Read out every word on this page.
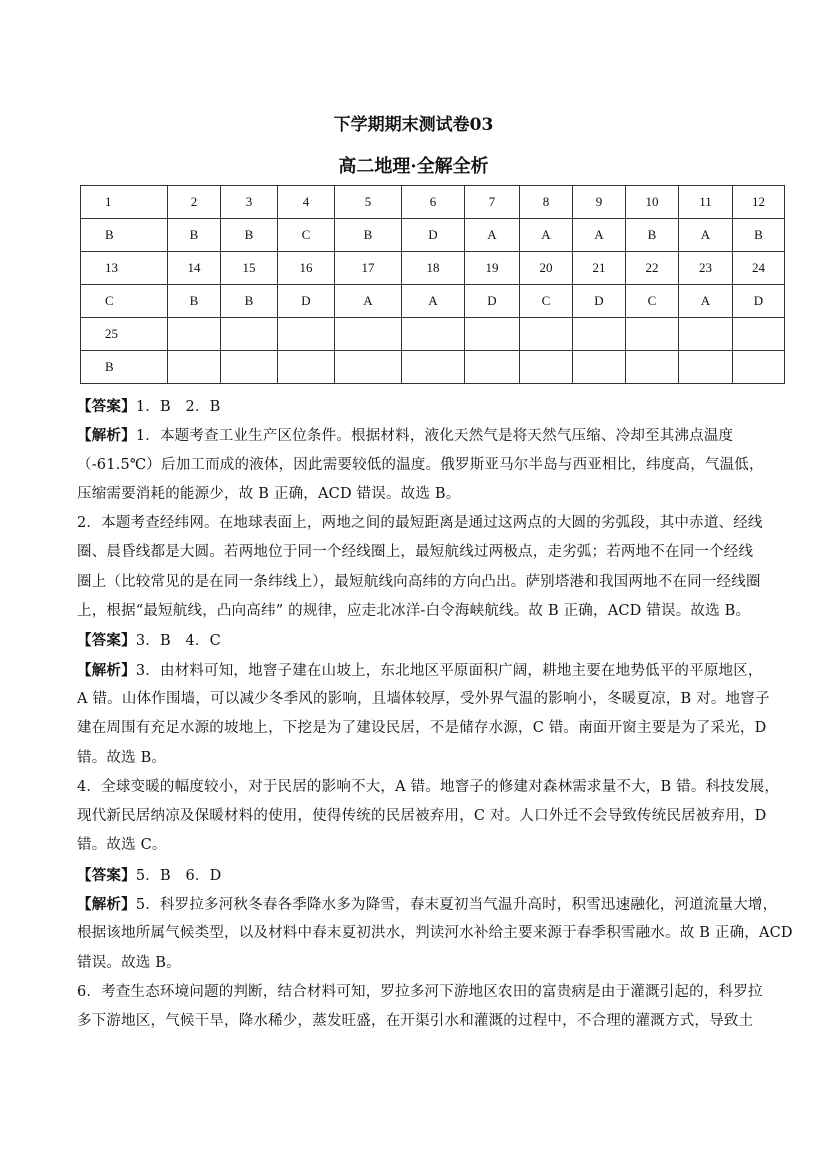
下学期期末测试卷03
高二地理·全解全析
1	2	3	4	5	6	7	8	9	10	11	12
B	B	B	C	B	D	A	A	A	B	A	B
13	14	15	16	17	18	19	20	21	22	23	24
C	B	B	D	A	A	D	C	D	C	A	D
25											
B											
【答案】1．B　2．B
【解析】1．本题考查工业生产区位条件。根据材料，液化天然气是将天然气压缩、冷却至其沸点温度
（-61.5℃）后加工而成的液体，因此需要较低的温度。俄罗斯亚马尔半岛与西亚相比，纬度高，气温低，
压缩需要消耗的能源少，故 B 正确，ACD 错误。故选 B。
2．本题考查经纬网。在地球表面上，两地之间的最短距离是通过这两点的大圆的劣弧段，其中赤道、经线
圈、晨昏线都是大圆。若两地位于同一个经线圈上，最短航线过两极点，走劣弧；若两地不在同一个经线
圈上（比较常见的是在同一条纬线上），最短航线向高纬的方向凸出。萨别塔港和我国两地不在同一经线圈
上，根据“最短航线，凸向高纬” 的规律，应走北冰洋-白令海峡航线。故 B 正确，ACD 错误。故选 B。
【答案】3．B　4．C
【解析】3．由材料可知，地窨子建在山坡上，东北地区平原面积广阔，耕地主要在地势低平的平原地区，
A 错。山体作围墙，可以减少冬季风的影响，且墙体较厚，受外界气温的影响小，冬暖夏凉，B 对。地窨子
建在周围有充足水源的坡地上，下挖是为了建设民居，不是储存水源，C 错。南面开窗主要是为了采光，D
错。故选 B。
4．全球变暖的幅度较小，对于民居的影响不大，A 错。地窨子的修建对森林需求量不大，B 错。科技发展，
现代新民居纳凉及保暖材料的使用，使得传统的民居被弃用，C 对。人口外迁不会导致传统民居被弃用，D
错。故选 C。
【答案】5．B　6．D
【解析】5．科罗拉多河秋冬春各季降水多为降雪，春末夏初当气温升高时，积雪迅速融化，河道流量大增，
根据该地所属气候类型，以及材料中春末夏初洪水，判读河水补给主要来源于春季积雪融水。故 B 正确，ACD
错误。故选 B。
6．考查生态环境问题的判断，结合材料可知，罗拉多河下游地区农田的富贵病是由于灌溉引起的，科罗拉
多下游地区，气候干旱，降水稀少，蒸发旺盛，在开渠引水和灌溉的过程中，不合理的灌溉方式，导致土
